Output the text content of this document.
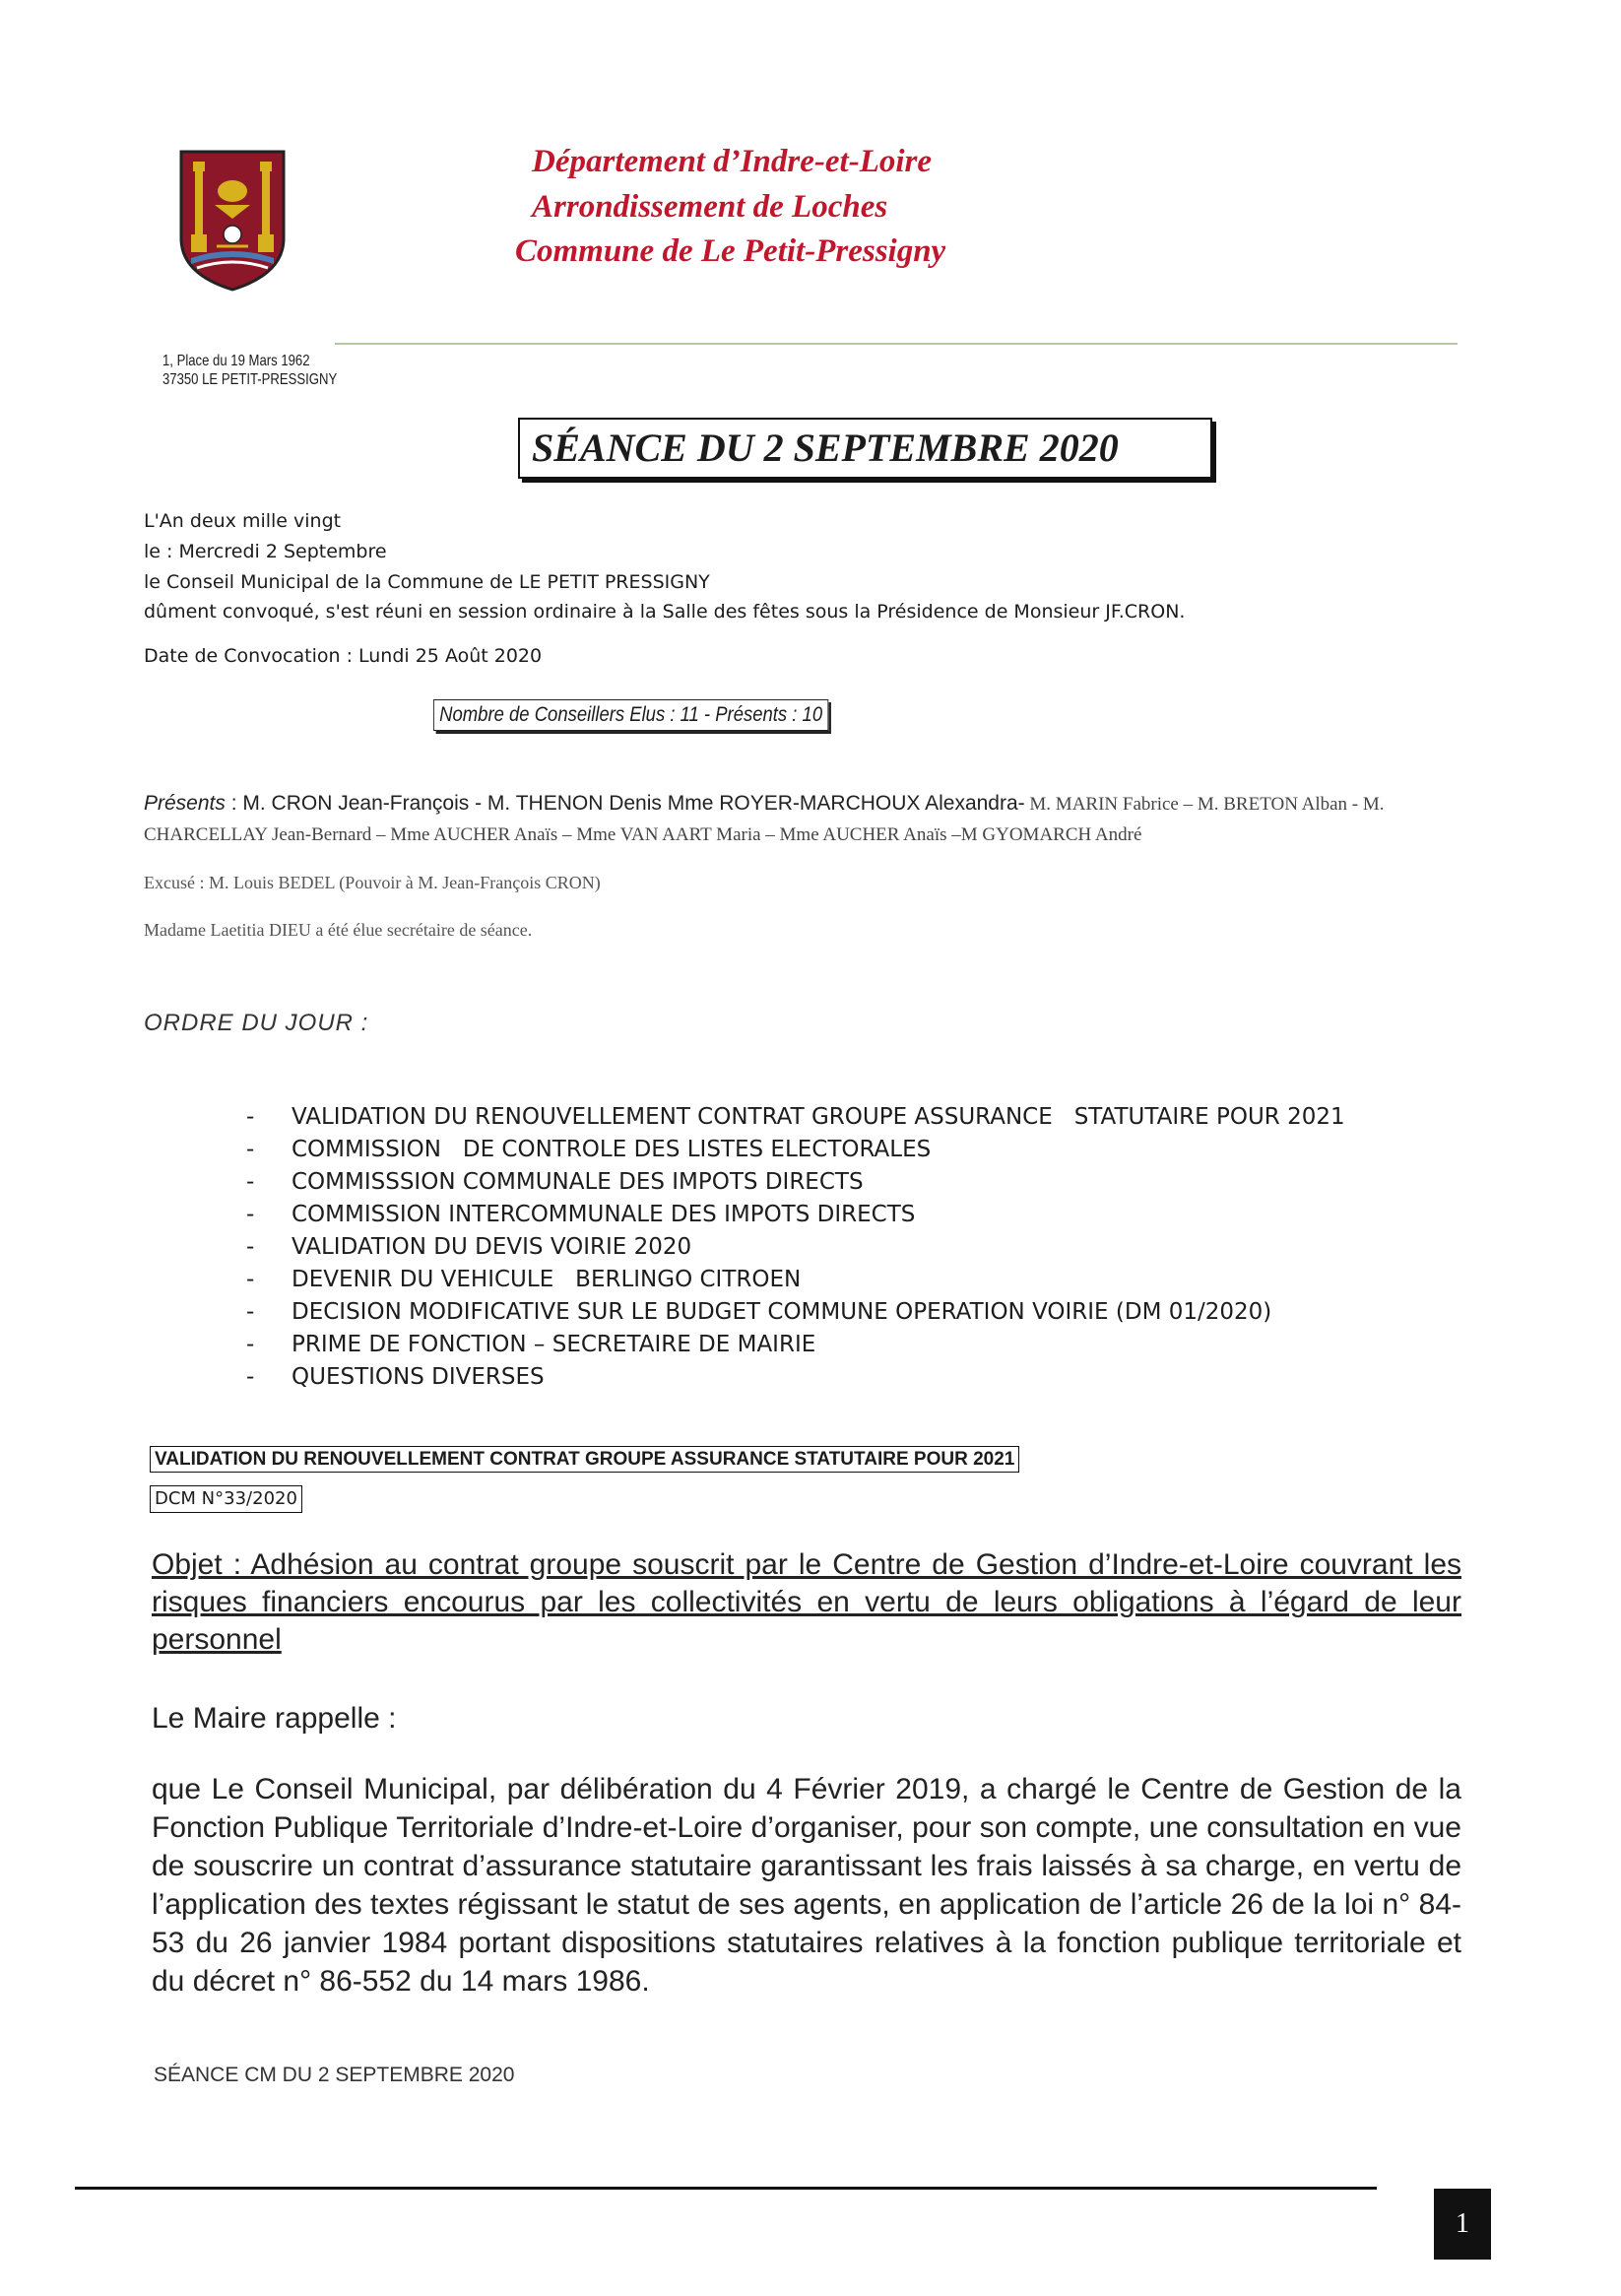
Département d’Indre-et-Loire
Arrondissement de Loches
Commune de Le Petit-Pressigny
1, Place du 19 Mars 1962
37350 LE PETIT-PRESSIGNY
SÉANCE DU 2 SEPTEMBRE 2020
L'An deux mille vingt
le : Mercredi 2 Septembre
le Conseil Municipal de la Commune de LE PETIT PRESSIGNY
dûment convoqué, s'est réuni en session ordinaire à la Salle des fêtes sous la Présidence de Monsieur JF.CRON.
Date de Convocation : Lundi 25 Août 2020
Nombre de Conseillers Elus : 11 - Présents : 10
Présents : M. CRON Jean-François - M. THENON Denis Mme ROYER-MARCHOUX Alexandra- M. MARIN Fabrice – M. BRETON Alban - M. CHARCELLAY Jean-Bernard – Mme AUCHER Anaïs – Mme VAN AART Maria – Mme AUCHER Anaïs –M GYOMARCH André
Excusé : M. Louis BEDEL (Pouvoir à M. Jean-François CRON)
Madame Laetitia DIEU a été élue secrétaire de séance.
ORDRE DU JOUR :
- VALIDATION DU RENOUVELLEMENT CONTRAT GROUPE ASSURANCE   STATUTAIRE POUR 2021
- COMMISSION   DE CONTROLE DES LISTES ELECTORALES
- COMMISSSION COMMUNALE DES IMPOTS DIRECTS
- COMMISSION INTERCOMMUNALE DES IMPOTS DIRECTS
- VALIDATION DU DEVIS VOIRIE 2020
- DEVENIR DU VEHICULE   BERLINGO CITROEN
- DECISION MODIFICATIVE SUR LE BUDGET COMMUNE OPERATION VOIRIE (DM 01/2020)
- PRIME DE FONCTION – SECRETAIRE DE MAIRIE
- QUESTIONS DIVERSES
VALIDATION DU RENOUVELLEMENT CONTRAT GROUPE ASSURANCE STATUTAIRE POUR 2021
DCM N°33/2020
Objet : Adhésion au contrat groupe souscrit par le Centre de Gestion d’Indre-et-Loire couvrant les risques financiers encourus par les collectivités en vertu de leurs obligations à l’égard de leur personnel
Le Maire rappelle :
que Le Conseil Municipal, par délibération du 4 Février 2019, a chargé le Centre de Gestion de la Fonction Publique Territoriale d’Indre-et-Loire d’organiser, pour son compte, une consultation en vue de souscrire un contrat d’assurance statutaire garantissant les frais laissés à sa charge, en vertu de l’application des textes régissant le statut de ses agents, en application de l’article 26 de la loi n° 84-53 du 26 janvier 1984 portant dispositions statutaires relatives à la fonction publique territoriale et du décret n° 86-552 du 14 mars 1986.
SÉANCE CM DU 2 SEPTEMBRE 2020
1
